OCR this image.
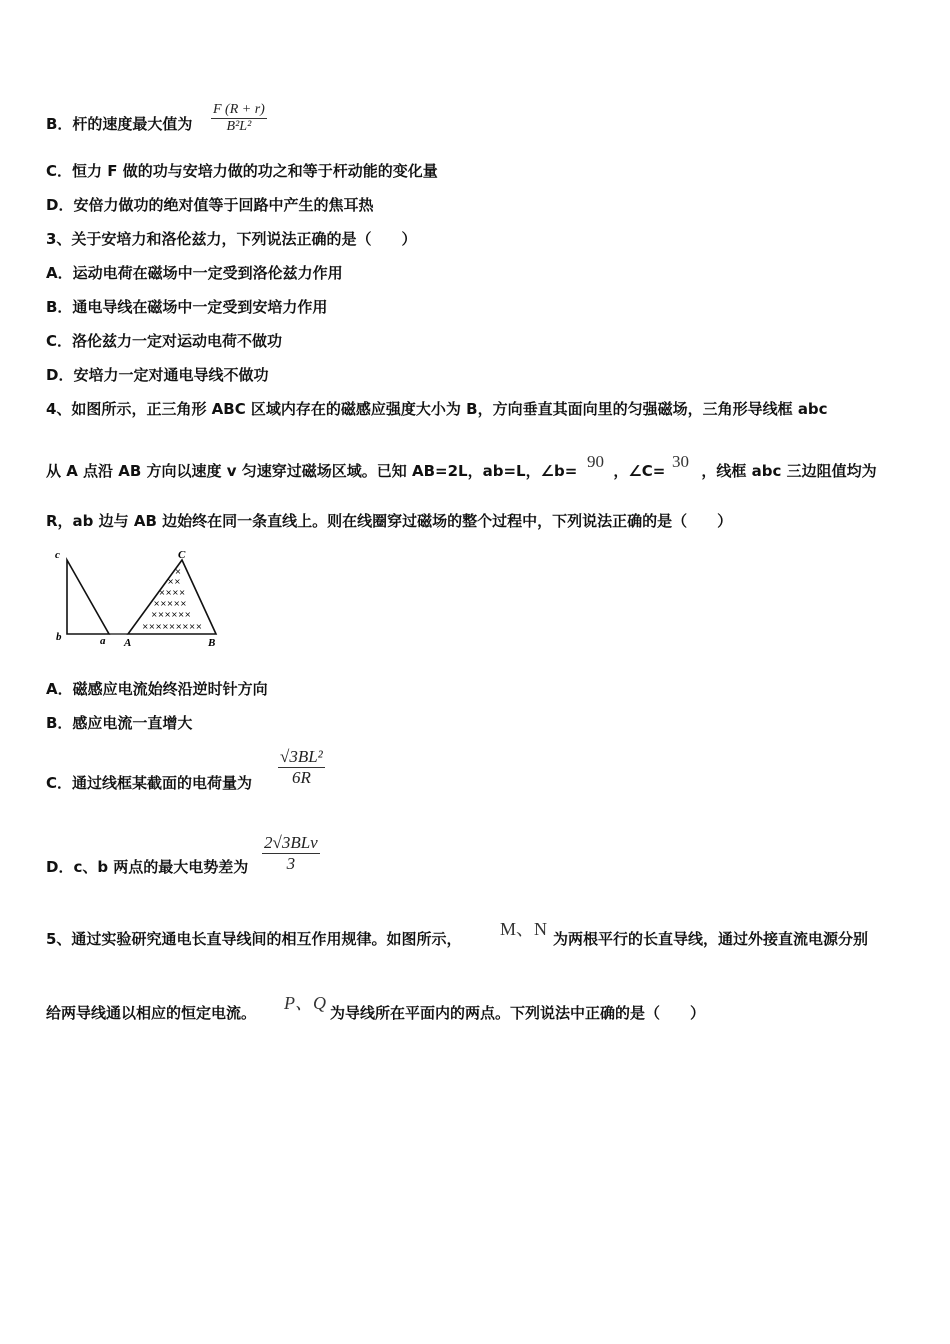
B．杆的速度最大值为
F (R + r)
B²L²
C．恒力 F 做的功与安培力做的功之和等于杆动能的变化量
D．安倍力做功的绝对值等于回路中产生的焦耳热
3、关于安培力和洛伦兹力，下列说法正确的是（　　）
A．运动电荷在磁场中一定受到洛伦兹力作用
B．通电导线在磁场中一定受到安培力作用
C．洛伦兹力一定对运动电荷不做功
D．安培力一定对通电导线不做功
4、如图所示，正三角形 ABC 区域内存在的磁感应强度大小为 B，方向垂直其面向里的匀强磁场，三角形导线框 abc
从 A 点沿 AB 方向以速度 v 匀速穿过磁场区域。已知 AB=2L，ab=L，∠b= ，∠C= ，线框 abc 三边阻值均为
90	30
R，ab 边与 AB 边始终在同一条直线上。则在线圈穿过磁场的整个过程中，下列说法正确的是（　　）
c
b	a
C
A	B
×
××
××××
×××××
××××××
×××××××××
A．磁感应电流始终沿逆时针方向
B．感应电流一直增大
C．通过线框某截面的电荷量为
√3BL²
6R
D．c、b 两点的最大电势差为
2√3BLv
3
5、通过实验研究通电长直导线间的相互作用规律。如图所示， M、N 为两根平行的长直导线，通过外接直流电源分别
给两导线通以相应的恒定电流。 P、Q 为导线所在平面内的两点。下列说法中正确的是（　　）
